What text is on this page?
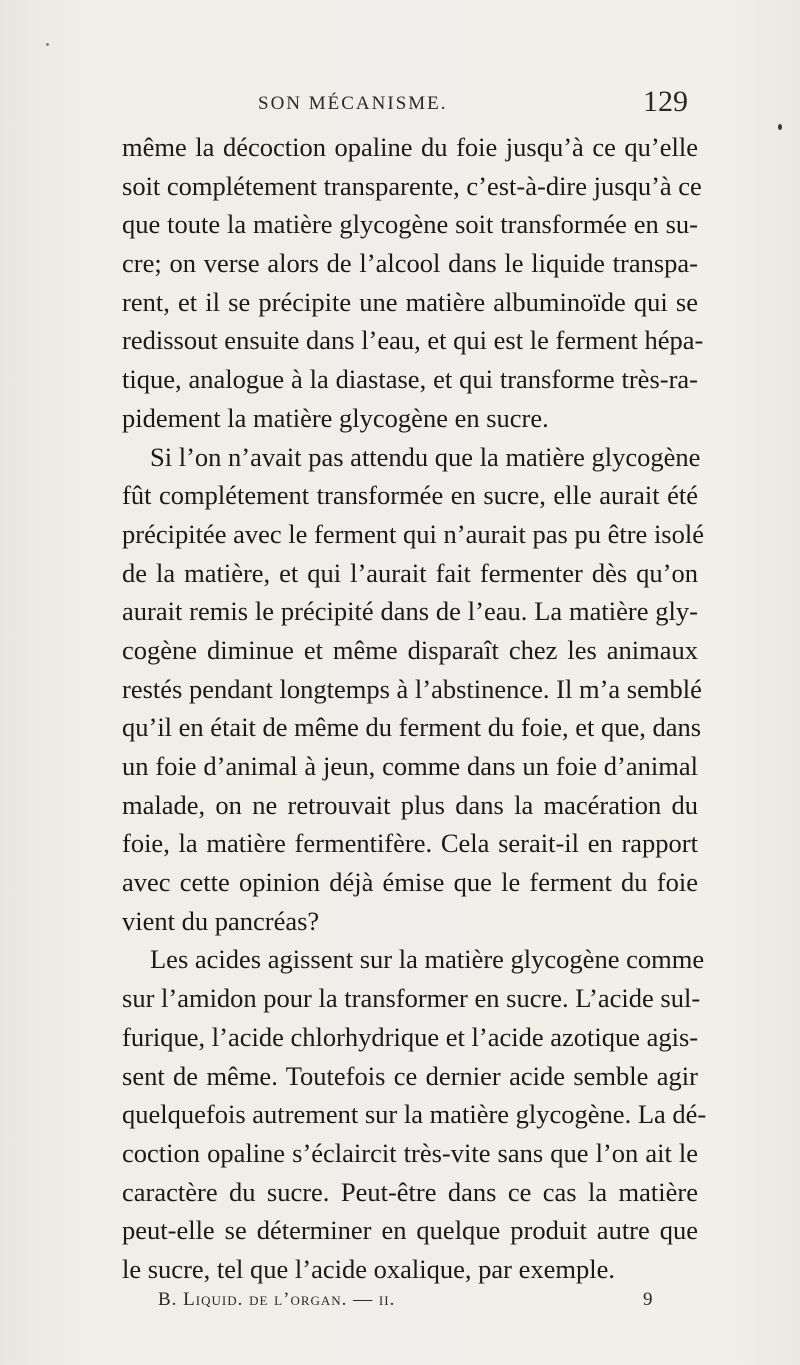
SON MÉCANISME.	129
même la décoction opaline du foie jusqu’à ce qu’elle
soit complétement transparente, c’est-à-dire jusqu’à ce
que toute la matière glycogène soit transformée en su-
cre; on verse alors de l’alcool dans le liquide transpa-
rent, et il se précipite une matière albuminoïde qui se
redissout ensuite dans l’eau, et qui est le ferment hépa-
tique, analogue à la diastase, et qui transforme très-ra-
pidement la matière glycogène en sucre.
Si l’on n’avait pas attendu que la matière glycogène
fût complétement transformée en sucre, elle aurait été
précipitée avec le ferment qui n’aurait pas pu être isolé
de la matière, et qui l’aurait fait fermenter dès qu’on
aurait remis le précipité dans de l’eau. La matière gly-
cogène diminue et même disparaît chez les animaux
restés pendant longtemps à l’abstinence. Il m’a semblé
qu’il en était de même du ferment du foie, et que, dans
un foie d’animal à jeun, comme dans un foie d’animal
malade, on ne retrouvait plus dans la macération du
foie, la matière fermentifère. Cela serait-il en rapport
avec cette opinion déjà émise que le ferment du foie
vient du pancréas?
Les acides agissent sur la matière glycogène comme
sur l’amidon pour la transformer en sucre. L’acide sul-
furique, l’acide chlorhydrique et l’acide azotique agis-
sent de même. Toutefois ce dernier acide semble agir
quelquefois autrement sur la matière glycogène. La dé-
coction opaline s’éclaircit très-vite sans que l’on ait le
caractère du sucre. Peut-être dans ce cas la matière
peut-elle se déterminer en quelque produit autre que
le sucre, tel que l’acide oxalique, par exemple.
B. Liquid. de l’organ. — ii.	9
